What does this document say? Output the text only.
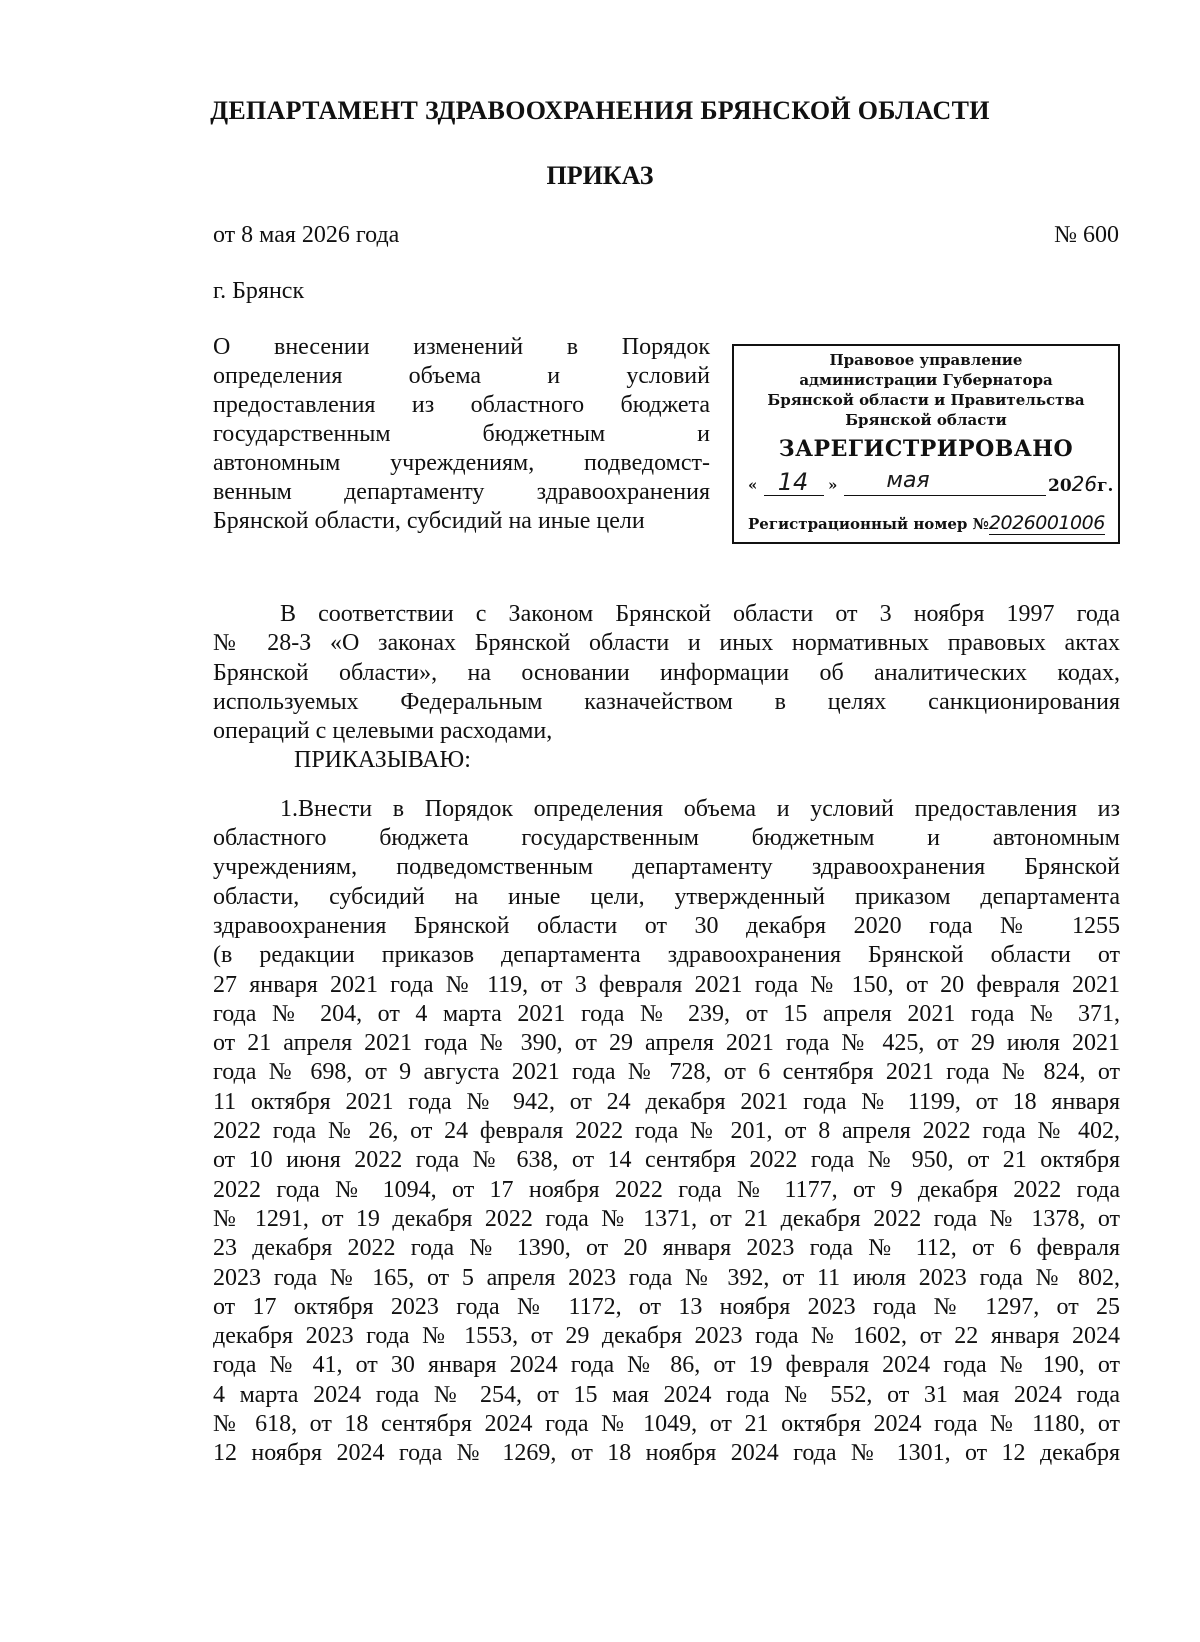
ДЕПАРТАМЕНТ ЗДРАВООХРАНЕНИЯ БРЯНСКОЙ ОБЛАСТИ
ПРИКАЗ
от 8 мая 2026 года	№ 600
г. Брянск
О внесении изменений в Порядок
определения объема и условий
предоставления из областного бюджета
государственным бюджетным и
автономным учреждениям, подведомст-
венным департаменту здравоохранения
Брянской области, субсидий на иные цели
Правовое управление
администрации Губернатора
Брянской области и Правительства
Брянской области
ЗАРЕГИСТРИРОВАНО
« 14	»	мая	2026г.
Регистрационный номер №2026001006
В соответствии с Законом Брянской области от 3 ноября 1997 года
№ 28-З «О законах Брянской области и иных нормативных правовых актах
Брянской области», на основании информации об аналитических кодах,
используемых Федеральным казначейством в целях санкционирования
операций с целевыми расходами,
ПРИКАЗЫВАЮ:
1.Внести в Порядок определения объема и условий предоставления из
областного бюджета государственным бюджетным и автономным
учреждениям, подведомственным департаменту здравоохранения Брянской
области, субсидий на иные цели, утвержденный приказом департамента
здравоохранения Брянской области от 30 декабря 2020 года № 1255
(в редакции приказов департамента здравоохранения Брянской области от
27 января 2021 года № 119, от 3 февраля 2021 года № 150, от 20 февраля 2021
года № 204, от 4 марта 2021 года № 239, от 15 апреля 2021 года № 371,
от 21 апреля 2021 года № 390, от 29 апреля 2021 года № 425, от 29 июля 2021
года № 698, от 9 августа 2021 года № 728, от 6 сентября 2021 года № 824, от
11 октября 2021 года № 942, от 24 декабря 2021 года № 1199, от 18 января
2022 года № 26, от 24 февраля 2022 года № 201, от 8 апреля 2022 года № 402,
от 10 июня 2022 года № 638, от 14 сентября 2022 года № 950, от 21 октября
2022 года № 1094, от 17 ноября 2022 года № 1177, от 9 декабря 2022 года
№ 1291, от 19 декабря 2022 года № 1371, от 21 декабря 2022 года № 1378, от
23 декабря 2022 года № 1390, от 20 января 2023 года № 112, от 6 февраля
2023 года № 165, от 5 апреля 2023 года № 392, от 11 июля 2023 года № 802,
от 17 октября 2023 года № 1172, от 13 ноября 2023 года № 1297, от 25
декабря 2023 года № 1553, от 29 декабря 2023 года № 1602, от 22 января 2024
года № 41, от 30 января 2024 года № 86, от 19 февраля 2024 года № 190, от
4 марта 2024 года № 254, от 15 мая 2024 года № 552, от 31 мая 2024 года
№ 618, от 18 сентября 2024 года № 1049, от 21 октября 2024 года № 1180, от
12 ноября 2024 года № 1269, от 18 ноября 2024 года № 1301, от 12 декабря
